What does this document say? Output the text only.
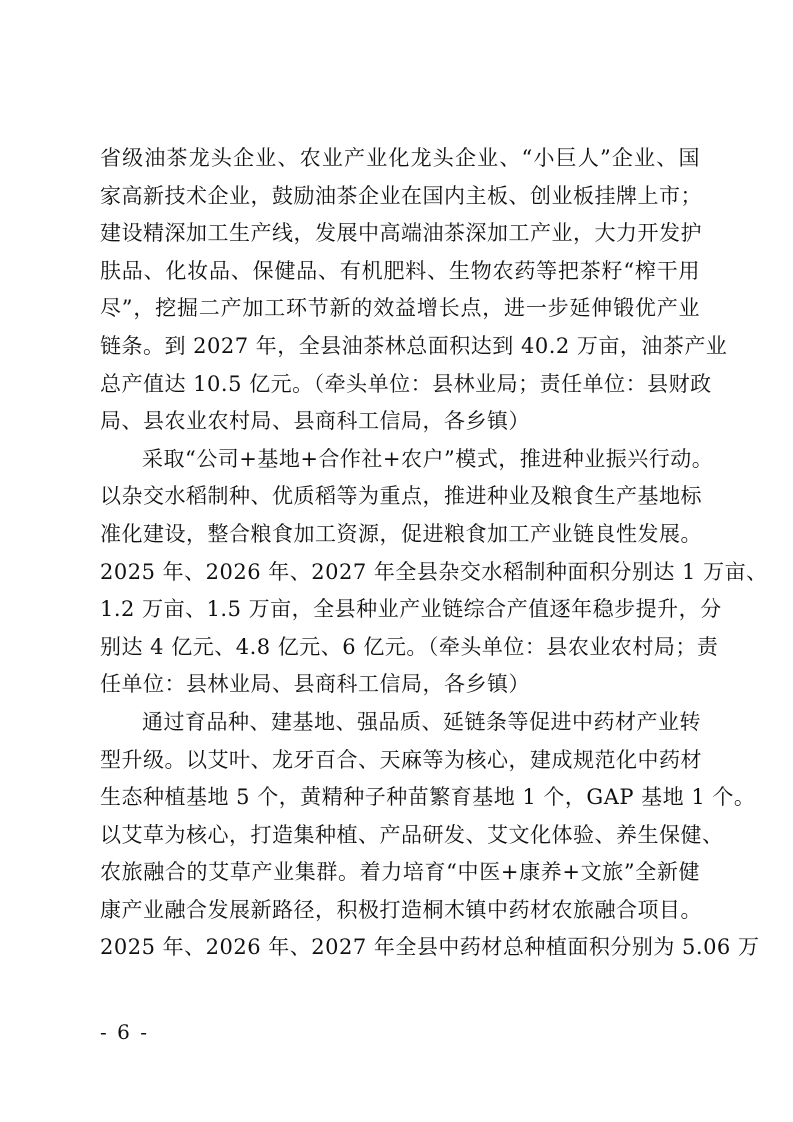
省级油茶龙头企业、农业产业化龙头企业、“小巨人”企业、国
家高新技术企业，鼓励油茶企业在国内主板、创业板挂牌上市；
建设精深加工生产线，发展中高端油茶深加工产业，大力开发护
肤品、化妆品、保健品、有机肥料、生物农药等把茶籽“榨干用
尽”，挖掘二产加工环节新的效益增长点，进一步延伸锻优产业
链条。到 2027 年，全县油茶林总面积达到 40.2 万亩，油茶产业
总产值达 10.5 亿元。（牵头单位：县林业局；责任单位：县财政
局、县农业农村局、县商科工信局，各乡镇）
采取“公司+基地+合作社+农户”模式，推进种业振兴行动。
以杂交水稻制种、优质稻等为重点，推进种业及粮食生产基地标
准化建设，整合粮食加工资源，促进粮食加工产业链良性发展。
2025 年、2026 年、2027 年全县杂交水稻制种面积分别达 1 万亩、
1.2 万亩、1.5 万亩，全县种业产业链综合产值逐年稳步提升，分
别达 4 亿元、4.8 亿元、6 亿元。（牵头单位：县农业农村局；责
任单位：县林业局、县商科工信局，各乡镇）
通过育品种、建基地、强品质、延链条等促进中药材产业转
型升级。以艾叶、龙牙百合、天麻等为核心，建成规范化中药材
生态种植基地 5 个，黄精种子种苗繁育基地 1 个，GAP 基地 1 个。
以艾草为核心，打造集种植、产品研发、艾文化体验、养生保健、
农旅融合的艾草产业集群。着力培育“中医+康养+文旅”全新健
康产业融合发展新路径，积极打造桐木镇中药材农旅融合项目。
2025 年、2026 年、2027 年全县中药材总种植面积分别为 5.06 万
- 6 -
